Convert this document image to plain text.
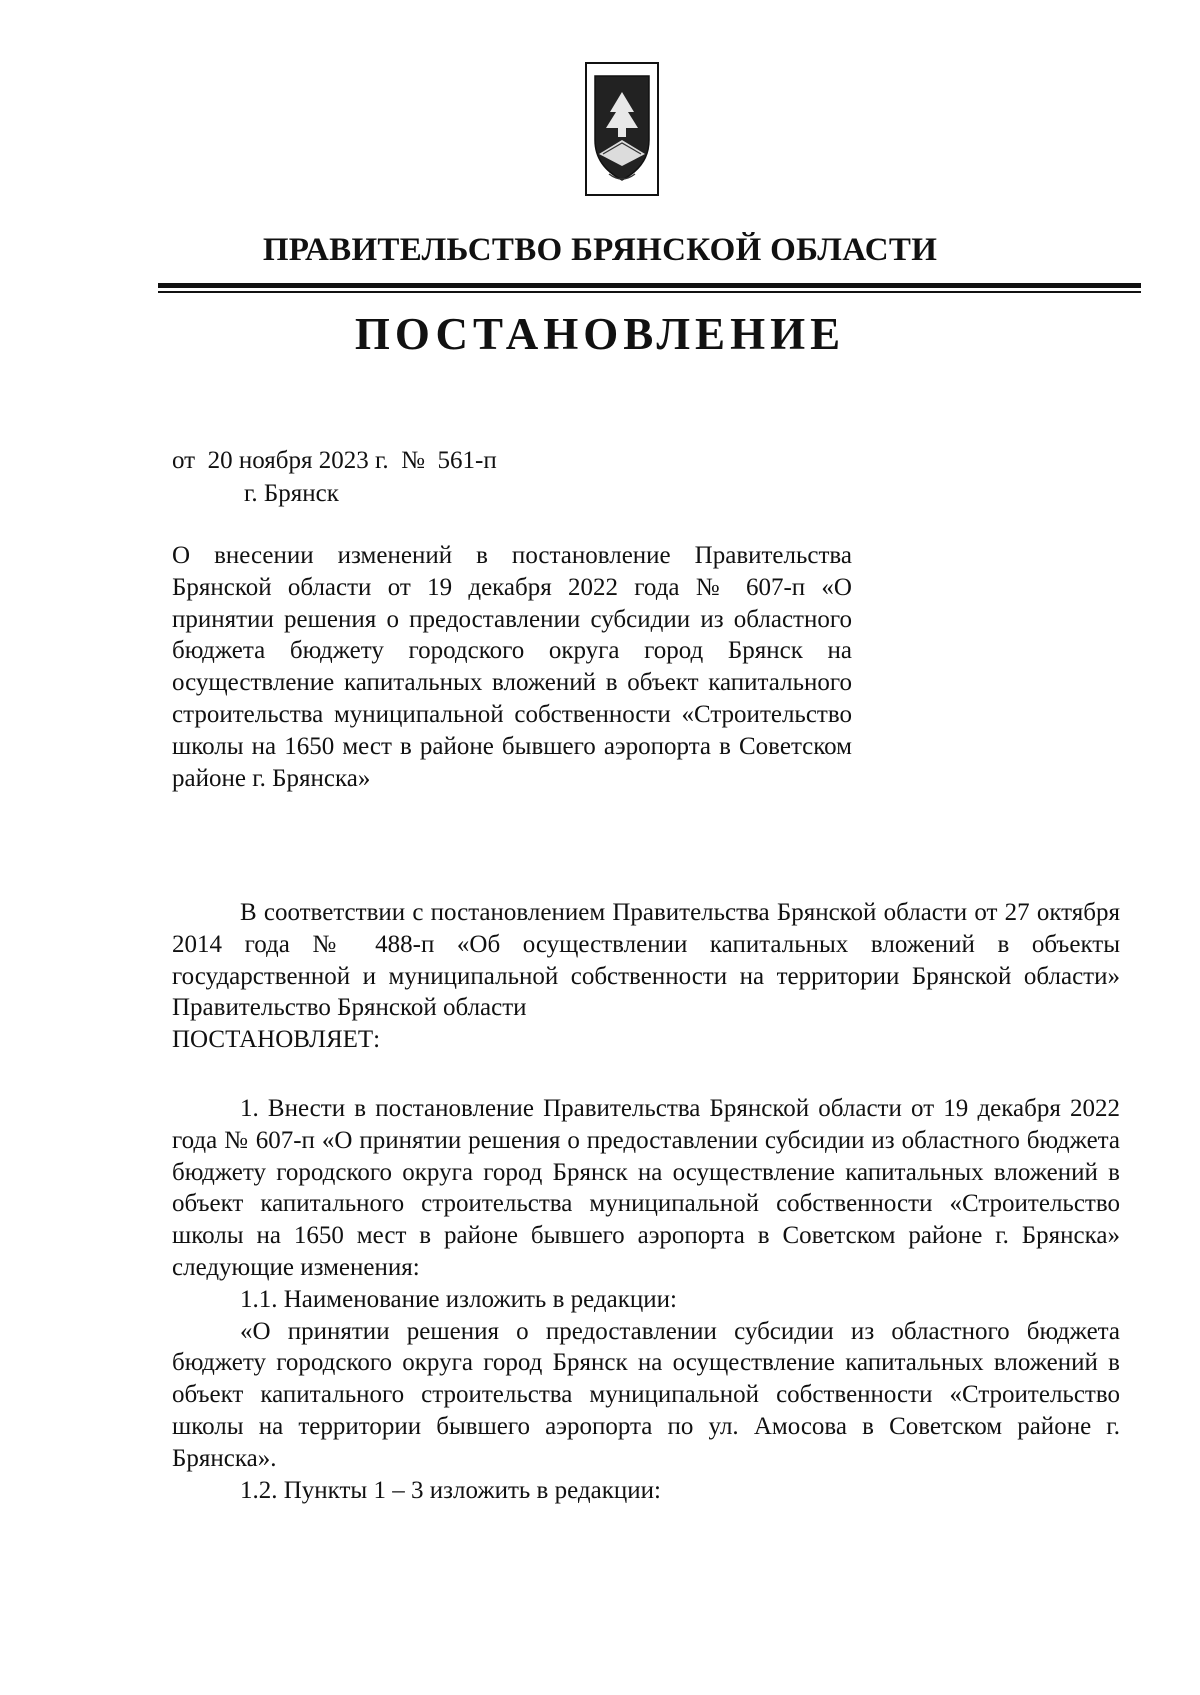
ПРАВИТЕЛЬСТВО БРЯНСКОЙ ОБЛАСТИ
ПОСТАНОВЛЕНИЕ
от  20 ноября 2023 г.  №  561-п
г. Брянск

О внесении изменений в постановление Правительства Брянской области от 19 декабря 2022 года № 607-п «О принятии решения о предоставлении субсидии из областного бюджета бюджету городского округа город Брянск на осуществление капитальных вложений в объект капитального строительства муниципальной собственности «Строительство школы на 1650 мест в районе бывшего аэропорта в Советском районе г. Брянска»

В соответствии с постановлением Правительства Брянской области от 27 октября 2014 года № 488-п «Об осуществлении капитальных вложений в объекты государственной и муниципальной собственности на территории Брянской области» Правительство Брянской области

ПОСТАНОВЛЯЕТ:

1. Внести в постановление Правительства Брянской области от 19 декабря 2022 года № 607-п «О принятии решения о предоставлении субсидии из областного бюджета бюджету городского округа город Брянск на осуществление капитальных вложений в объект капитального строительства муниципальной собственности «Строительство школы на 1650 мест в районе бывшего аэропорта в Советском районе г. Брянска» следующие изменения:

1.1. Наименование изложить в редакции:

«О принятии решения о предоставлении субсидии из областного бюджета бюджету городского округа город Брянск на осуществление капитальных вложений в объект капитального строительства муниципальной собственности «Строительство школы на территории бывшего аэропорта по ул. Амосова в Советском районе г. Брянска».

1.2. Пункты 1 – 3 изложить в редакции:
